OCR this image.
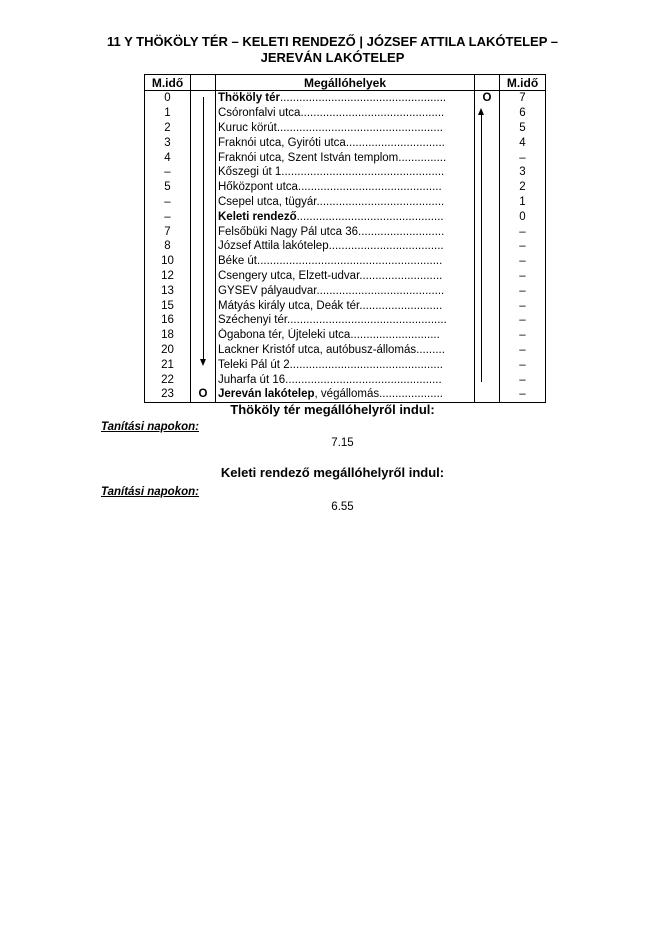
11 Y THÖKÖLY TÉR – KELETI RENDEZŐ | JÓZSEF ATTILA LAKÓTELEP –
JEREVÁN LAKÓTELEP
M.idő		Megállóhelyek		M.idő
0		Thököly tér....................................................	O	7
1		Csóronfalvi utca.............................................		6
2		Kuruc körút....................................................		5
3		Fraknói utca, Gyiróti utca...............................		4
4		Fraknói utca, Szent István templom...............		–
–		Kőszegi út 1...................................................		3
5		Hőközpont utca.............................................		2
–		Csepel utca, tügyár........................................		1
–		Keleti rendező..............................................		0
7		Felsőbüki Nagy Pál utca 36...........................		–
8		József Attila lakótelep....................................		–
10		Béke út..........................................................		–
12		Csengery utca, Elzett-udvar..........................		–
13		GYSEV pályaudvar........................................		–
15		Mátyás király utca, Deák tér..........................		–
16		Széchenyi tér..................................................		–
18		Ógabona tér, Újteleki utca............................		–
20		Lackner Kristóf utca, autóbusz-állomás.........		–
21		Teleki Pál út 2................................................		–
22		Juharfa út 16.................................................		–
23	O	Jereván lakótelep, végállomás....................		–
Thököly tér megállóhelyről indul:
Tanítási napokon:
7.15
Keleti rendező megállóhelyről indul:
Tanítási napokon:
6.55
